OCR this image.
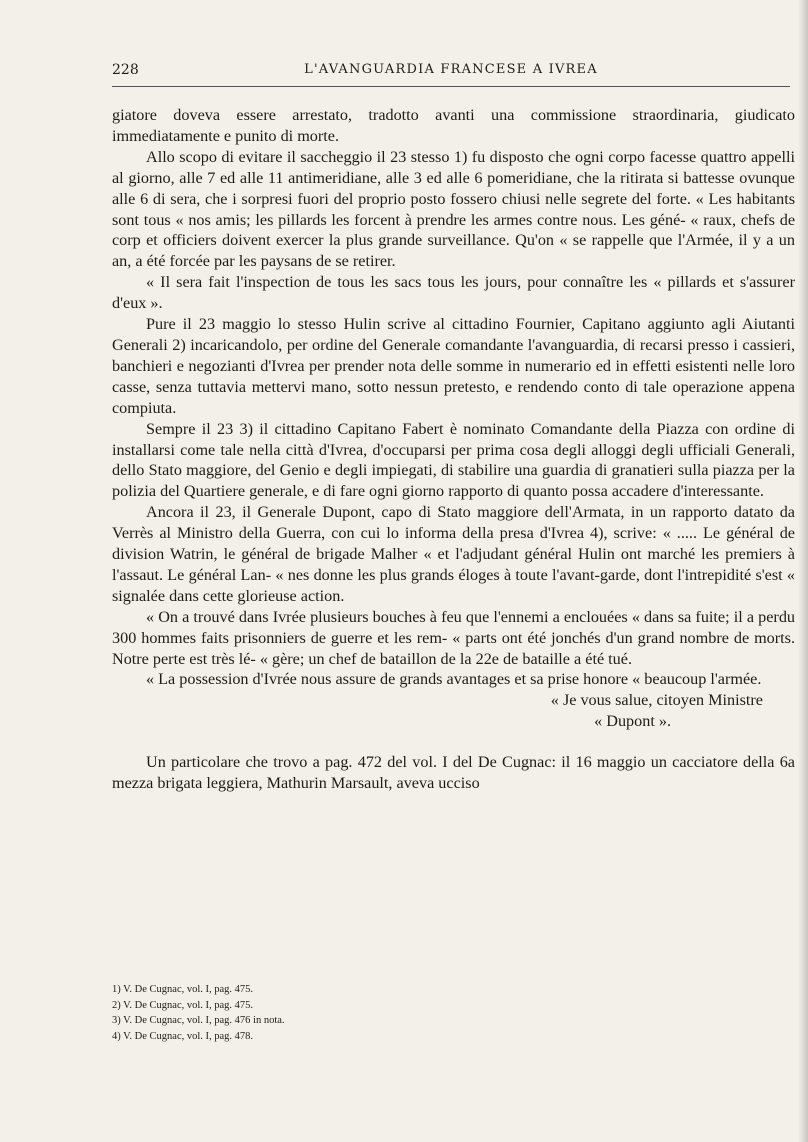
228	L'AVANGUARDIA FRANCESE A IVREA

giatore doveva essere arrestato, tradotto avanti una commissione straordinaria, giudicato immediatamente e punito di morte.

Allo scopo di evitare il saccheggio il 23 stesso 1) fu disposto che ogni corpo facesse quattro appelli al giorno, alle 7 ed alle 11 antimeridiane, alle 3 ed alle 6 pomeridiane, che la ritirata si battesse ovunque alle 6 di sera, che i sorpresi fuori del proprio posto fossero chiusi nelle segrete del forte. « Les habitants sont tous « nos amis; les pillards les forcent à prendre les armes contre nous. Les géné- « raux, chefs de corp et officiers doivent exercer la plus grande surveillance. Qu'on « se rappelle que l'Armée, il y a un an, a été forcée par les paysans de se retirer.

« Il sera fait l'inspection de tous les sacs tous les jours, pour connaître les « pillards et s'assurer d'eux ».

Pure il 23 maggio lo stesso Hulin scrive al cittadino Fournier, Capitano aggiunto agli Aiutanti Generali 2) incaricandolo, per ordine del Generale comandante l'avanguardia, di recarsi presso i cassieri, banchieri e negozianti d'Ivrea per prender nota delle somme in numerario ed in effetti esistenti nelle loro casse, senza tuttavia mettervi mano, sotto nessun pretesto, e rendendo conto di tale operazione appena compiuta.

Sempre il 23 3) il cittadino Capitano Fabert è nominato Comandante della Piazza con ordine di installarsi come tale nella città d'Ivrea, d'occuparsi per prima cosa degli alloggi degli ufficiali Generali, dello Stato maggiore, del Genio e degli impiegati, di stabilire una guardia di granatieri sulla piazza per la polizia del Quartiere generale, e di fare ogni giorno rapporto di quanto possa accadere d'interessante.

Ancora il 23, il Generale Dupont, capo di Stato maggiore dell'Armata, in un rapporto datato da Verrès al Ministro della Guerra, con cui lo informa della presa d'Ivrea 4), scrive: « ..... Le général de division Watrin, le général de brigade Malher « et l'adjudant général Hulin ont marché les premiers à l'assaut. Le général Lan- « nes donne les plus grands éloges à toute l'avant-garde, dont l'intrepidité s'est « signalée dans cette glorieuse action.

« On a trouvé dans Ivrée plusieurs bouches à feu que l'ennemi a enclouées « dans sa fuite; il a perdu 300 hommes faits prisonniers de guerre et les rem- « parts ont été jonchés d'un grand nombre de morts. Notre perte est très lé- « gère; un chef de bataillon de la 22e de bataille a été tué.

« La possession d'Ivrée nous assure de grands avantages et sa prise honore « beaucoup l'armée.

« Je vous salue, citoyen Ministre

« Dupont ».

Un particolare che trovo a pag. 472 del vol. I del De Cugnac: il 16 maggio un cacciatore della 6a mezza brigata leggiera, Mathurin Marsault, aveva ucciso

1) V. De Cugnac, vol. I, pag. 475.
2) V. De Cugnac, vol. I, pag. 475.
3) V. De Cugnac, vol. I, pag. 476 in nota.
4) V. De Cugnac, vol. I, pag. 478.
